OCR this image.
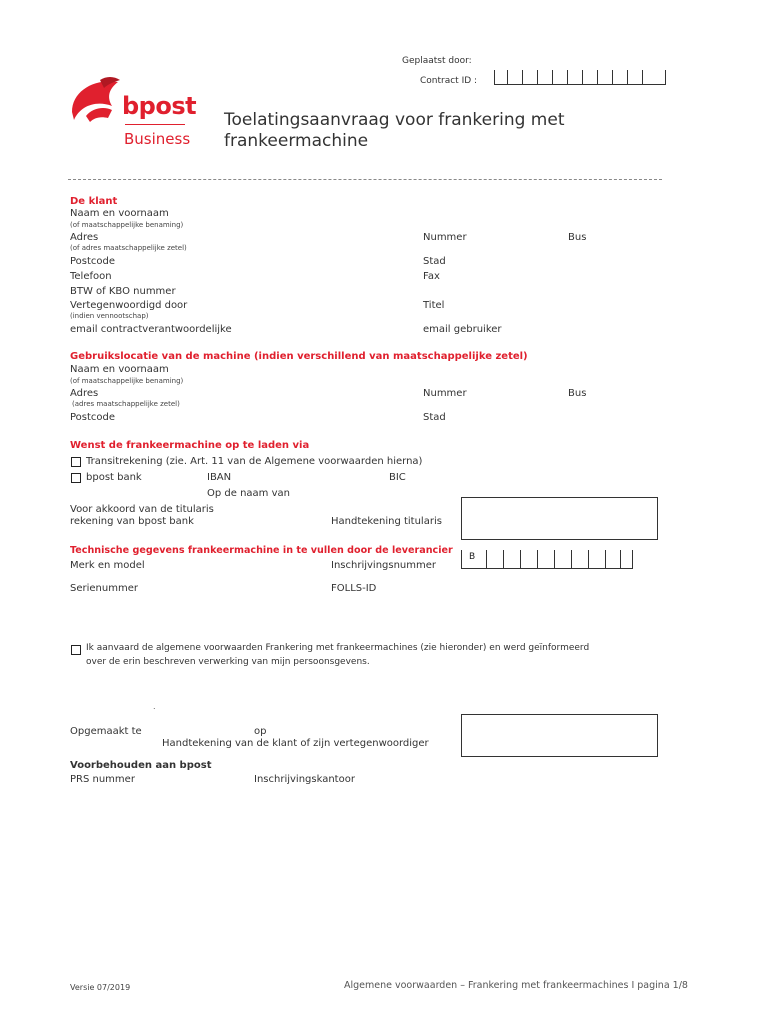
Geplaatst door:
Contract ID :
bpost
Business
Toelatingsaanvraag voor frankering met
frankeermachine
De klant
Naam en voornaam
(of maatschappelijke benaming)
Adres	Nummer	Bus
(of adres maatschappelijke zetel)
Postcode	Stad
Telefoon	Fax
BTW of KBO nummer
Vertegenwoordigd door	Titel
(indien vennootschap)
email contractverantwoordelijke	email gebruiker
Gebruikslocatie van de machine (indien verschillend van maatschappelijke zetel)
Naam en voornaam
(of maatschappelijke benaming)
Adres	Nummer	Bus
(adres maatschappelijke zetel)
Postcode	Stad
Wenst de frankeermachine op te laden via
Transitrekening (zie. Art. 11 van de Algemene voorwaarden hierna)
bpost bank	IBAN	BIC
Op de naam van
Voor akkoord van de titularis
rekening van bpost bank	Handtekening titularis
Technische gegevens frankeermachine in te vullen door de leverancier
Merk en model	Inschrijvingsnummer
B
Serienummer	FOLLS-ID
Ik aanvaard de algemene voorwaarden Frankering met frankeermachines (zie hieronder) en werd geïnformeerd
over de erin beschreven verwerking van mijn persoonsgevens.
.
Opgemaakt te	op
Handtekening van de klant of zijn vertegenwoordiger
Voorbehouden aan bpost
PRS nummer	Inschrijvingskantoor
Versie 07/2019	Algemene voorwaarden – Frankering met frankeermachines I pagina 1/8
